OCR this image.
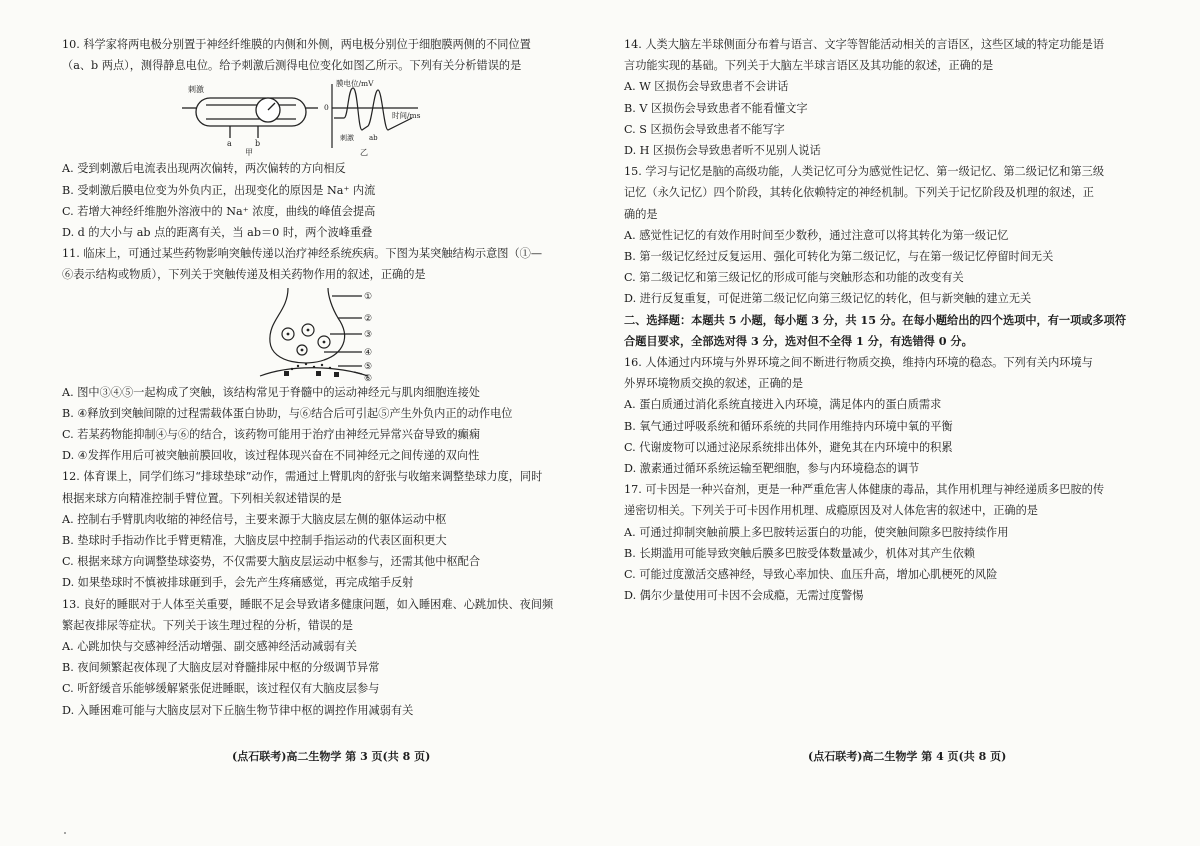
10. 科学家将两电极分别置于神经纤维膜的内侧和外侧，两电极分别位于细胞膜两侧的不同位置

（a、b 两点），测得静息电位。给予刺激后测得电位变化如图乙所示。下列有关分析错误的是

刺激
a	b
甲
膜电位/mV
0
时间/ms
刺激 ab
乙

A. 受到刺激后电流表出现两次偏转，两次偏转的方向相反

B. 受刺激后膜电位变为外负内正，出现变化的原因是 Na⁺ 内流

C. 若增大神经纤维胞外溶液中的 Na⁺ 浓度，曲线的峰值会提高

D. d 的大小与 ab 点的距离有关，当 ab＝0 时，两个波峰重叠

11. 临床上，可通过某些药物影响突触传递以治疗神经系统疾病。下图为某突触结构示意图（①—

⑥表示结构或物质），下列关于突触传递及相关药物作用的叙述，正确的是

①
②
③
④
⑤
⑥

A. 图中③④⑤一起构成了突触，该结构常见于脊髓中的运动神经元与肌肉细胞连接处

B. ④释放到突触间隙的过程需载体蛋白协助，与⑥结合后可引起⑤产生外负内正的动作电位

C. 若某药物能抑制④与⑥的结合，该药物可能用于治疗由神经元异常兴奋导致的癫痫

D. ④发挥作用后可被突触前膜回收，该过程体现兴奋在不同神经元之间传递的双向性

12. 体育课上，同学们练习“排球垫球”动作，需通过上臂肌肉的舒张与收缩来调整垫球力度，同时

根据来球方向精准控制手臂位置。下列相关叙述错误的是

A. 控制右手臂肌肉收缩的神经信号，主要来源于大脑皮层左侧的躯体运动中枢

B. 垫球时手指动作比手臂更精准，大脑皮层中控制手指运动的代表区面积更大

C. 根据来球方向调整垫球姿势，不仅需要大脑皮层运动中枢参与，还需其他中枢配合

D. 如果垫球时不慎被排球砸到手，会先产生疼痛感觉，再完成缩手反射

13. 良好的睡眠对于人体至关重要，睡眠不足会导致诸多健康问题，如入睡困难、心跳加快、夜间频

繁起夜排尿等症状。下列关于该生理过程的分析，错误的是

A. 心跳加快与交感神经活动增强、副交感神经活动减弱有关

B. 夜间频繁起夜体现了大脑皮层对脊髓排尿中枢的分级调节异常

C. 听舒缓音乐能够缓解紧张促进睡眠，该过程仅有大脑皮层参与

D. 入睡困难可能与大脑皮层对下丘脑生物节律中枢的调控作用减弱有关

(点石联考)高二生物学 第 3 页(共 8 页)

14. 人类大脑左半球侧面分布着与语言、文字等智能活动相关的言语区，这些区域的特定功能是语

言功能实现的基础。下列关于大脑左半球言语区及其功能的叙述，正确的是

A. W 区损伤会导致患者不会讲话

B. V 区损伤会导致患者不能看懂文字

C. S 区损伤会导致患者不能写字

D. H 区损伤会导致患者听不见别人说话

15. 学习与记忆是脑的高级功能，人类记忆可分为感觉性记忆、第一级记忆、第二级记忆和第三级

记忆（永久记忆）四个阶段，其转化依赖特定的神经机制。下列关于记忆阶段及机理的叙述，正

确的是

A. 感觉性记忆的有效作用时间至少数秒，通过注意可以将其转化为第一级记忆

B. 第一级记忆经过反复运用、强化可转化为第二级记忆，与在第一级记忆停留时间无关

C. 第二级记忆和第三级记忆的形成可能与突触形态和功能的改变有关

D. 进行反复重复，可促进第二级记忆向第三级记忆的转化，但与新突触的建立无关

二、选择题：本题共 5 小题，每小题 3 分，共 15 分。在每小题给出的四个选项中，有一项或多项符

合题目要求，全部选对得 3 分，选对但不全得 1 分，有选错得 0 分。

16. 人体通过内环境与外界环境之间不断进行物质交换，维持内环境的稳态。下列有关内环境与

外界环境物质交换的叙述，正确的是

A. 蛋白质通过消化系统直接进入内环境，满足体内的蛋白质需求

B. 氧气通过呼吸系统和循环系统的共同作用维持内环境中氧的平衡

C. 代谢废物可以通过泌尿系统排出体外，避免其在内环境中的积累

D. 激素通过循环系统运输至靶细胞，参与内环境稳态的调节

17. 可卡因是一种兴奋剂，更是一种严重危害人体健康的毒品，其作用机理与神经递质多巴胺的传

递密切相关。下列关于可卡因作用机理、成瘾原因及对人体危害的叙述中，正确的是

A. 可通过抑制突触前膜上多巴胺转运蛋白的功能，使突触间隙多巴胺持续作用

B. 长期滥用可能导致突触后膜多巴胺受体数量减少，机体对其产生依赖

C. 可能过度激活交感神经，导致心率加快、血压升高，增加心肌梗死的风险

D. 偶尔少量使用可卡因不会成瘾，无需过度警惕

(点石联考)高二生物学 第 4 页(共 8 页)
